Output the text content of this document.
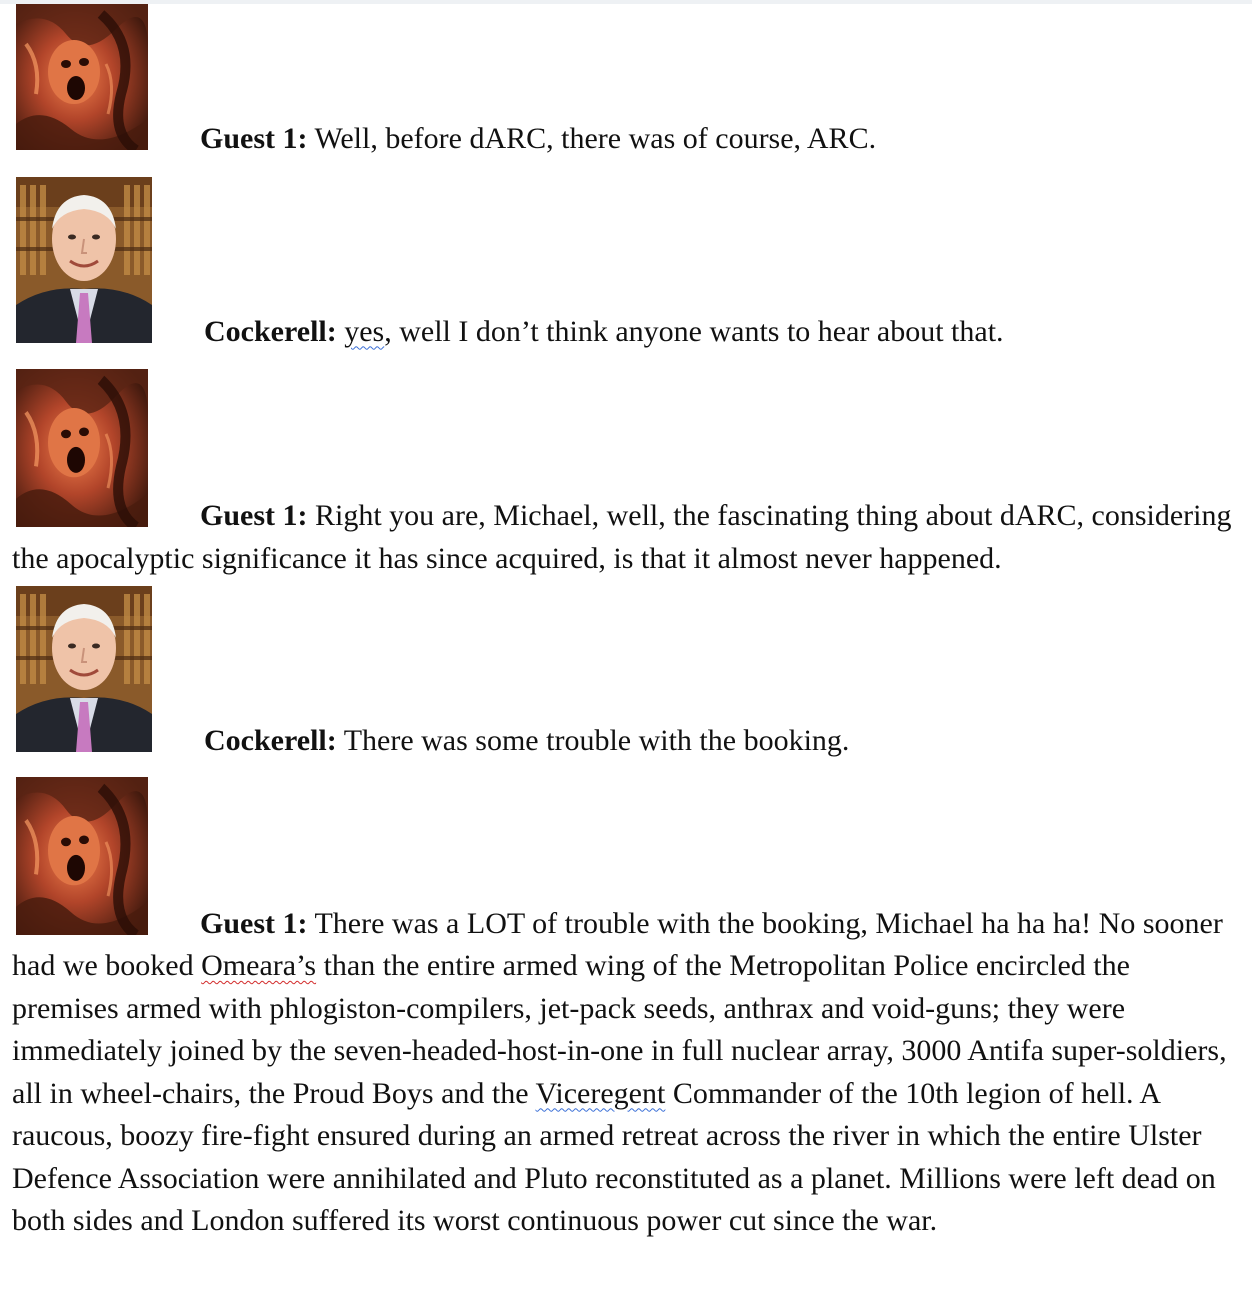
Guest 1: Well, before dARC, there was of course, ARC.

Cockerell: yes, well I don’t think anyone wants to hear about that.

Guest 1: Right you are, Michael, well, the fascinating thing about dARC, considering the apocalyptic significance it has since acquired, is that it almost never happened.

Cockerell: There was some trouble with the booking.

Guest 1: There was a LOT of trouble with the booking, Michael ha ha ha! No sooner had we booked Omeara’s than the entire armed wing of the Metropolitan Police encircled the premises armed with phlogiston-compilers, jet-pack seeds, anthrax and void-guns; they were immediately joined by the seven-headed-host-in-one in full nuclear array, 3000 Antifa super-soldiers, all in wheel-chairs, the Proud Boys and the Viceregent Commander of the 10th legion of hell. A raucous, boozy fire-fight ensured during an armed retreat across the river in which the entire Ulster Defence Association were annihilated and Pluto reconstituted as a planet. Millions were left dead on both sides and London suffered its worst continuous power cut since the war.
